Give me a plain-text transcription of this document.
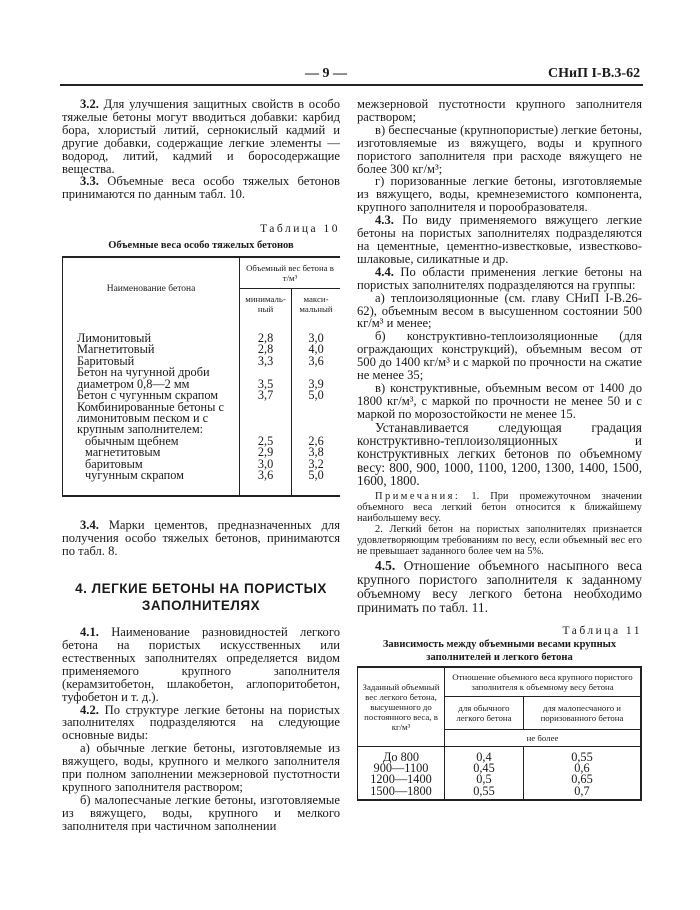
— 9 —	СНиП I-В.3-62

3.2. Для улучшения защитных свойств в особо тяжелые бетоны могут вводиться добавки: карбид бора, хлористый литий, сернокислый кадмий и другие добавки, содержащие легкие элементы — водород, литий, кадмий и боросодержащие вещества.

3.3. Объемные веса особо тяжелых бетонов принимаются по данным табл. 10.

Таблица 10
Объемные веса особо тяжелых бетонов
Наименование бетона	Объемный вес бетона в т/м³	
	минималь-ный	макси-мальный

Лимонитовый	2,8	3,0
Магнетитовый	2,8	4,0
Баритовый	3,3	3,6
Бетон на чугунной дроби диаметром 0,8—2 мм	3,5	3,9
Бетон с чугунным скрапом	3,7	5,0
Комбинированные бетоны с лимонитовым песком и с крупным заполнителем:		
обычным щебнем	2,5	2,6
магнетитовым	2,9	3,8
баритовым	3,0	3,2
чугунным скрапом	3,6	5,0

3.4. Марки цементов, предназначенных для получения особо тяжелых бетонов, принимаются по табл. 8.

4. ЛЕГКИЕ БЕТОНЫ НА ПОРИСТЫХ ЗАПОЛНИТЕЛЯХ

4.1. Наименование разновидностей легкого бетона на пористых искусственных или естественных заполнителях определяется видом применяемого крупного заполнителя (керамзитобетон, шлакобетон, аглопоритобетон, туфобетон и т. д.).

4.2. По структуре легкие бетоны на пористых заполнителях подразделяются на следующие основные виды:

а) обычные легкие бетоны, изготовляемые из вяжущего, воды, крупного и мелкого заполнителя при полном заполнении межзерновой пустотности крупного заполнителя раствором;

б) малопесчаные легкие бетоны, изготовляемые из вяжущего, воды, крупного и мелкого заполнителя при частичном заполнении

межзерновой пустотности крупного заполнителя раствором;

в) беспесчаные (крупнопористые) легкие бетоны, изготовляемые из вяжущего, воды и крупного пористого заполнителя при расходе вяжущего не более 300 кг/м³;

г) поризованные легкие бетоны, изготовляемые из вяжущего, воды, кремнеземистого компонента, крупного заполнителя и порообразователя.

4.3. По виду применяемого вяжущего легкие бетоны на пористых заполнителях подразделяются на цементные, цементно-известковые, известково-шлаковые, силикатные и др.

4.4. По области применения легкие бетоны на пористых заполнителях подразделяются на группы:

а) теплоизоляционные (см. главу СНиП I-В.26-62), объемным весом в высушенном состоянии 500 кг/м³ и менее;

б) конструктивно-теплоизоляционные (для ограждающих конструкций), объемным весом от 500 до 1400 кг/м³ и с маркой по прочности на сжатие не менее 35;

в) конструктивные, объемным весом от 1400 до 1800 кг/м³, с маркой по прочности не менее 50 и с маркой по морозостойкости не менее 15.

Устанавливается следующая градация конструктивно-теплоизоляционных и конструктивных легких бетонов по объемному весу: 800, 900, 1000, 1100, 1200, 1300, 1400, 1500, 1600, 1800.

Примечания: 1. При промежуточном значении объемного веса легкий бетон относится к ближайшему наибольшему весу.

2. Легкий бетон на пористых заполнителях признается удовлетворяющим требованиям по весу, если объемный вес его не превышает заданного более чем на 5%.

4.5. Отношение объемного насыпного веса крупного пористого заполнителя к заданному объемному весу легкого бетона необходимо принимать по табл. 11.

Таблица 11
Зависимость между объемными весами крупных заполнителей и легкого бетона
Заданный объемный вес легкого бетона, высушенного до постоянного веса, в кг/м³	Отношение объемного веса крупного пористого заполнителя к объемному весу бетона	
	для обычного легкого бетона	для малопесчаного и поризованного бетона
	не более	
До 800	0,4	0,55
900—1100	0,45	0,6
1200—1400	0,5	0,65
1500—1800	0,55	0,7
